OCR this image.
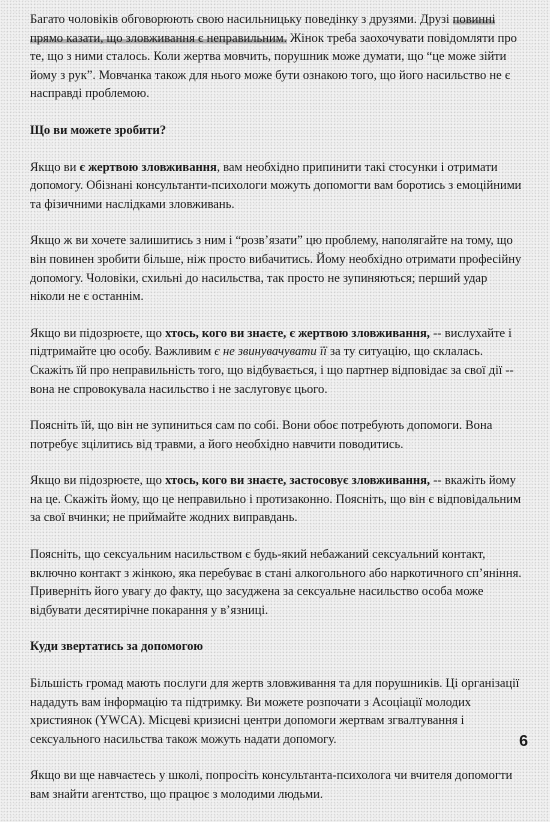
Багато чоловіків обговорюють свою насильницьку поведінку з друзями. Друзі повинні прямо казати, що зловживання є неправильним. Жінок треба заохочувати повідомляти про те, що з ними сталось. Коли жертва мовчить, порушник може думати, що “це може зійти йому з рук”. Мовчанка також для нього може бути ознакою того, що його насильство не є насправді проблемою.

Що ви можете зробити?

Якщо ви є жертвою зловживання, вам необхідно припинити такі стосунки і отримати допомогу. Обізнані консультанти-психологи можуть допомогти вам боротись з емоційними та фізичними наслідками зловживань.

Якщо ж ви хочете залишитись з ним і “розв’язати” цю проблему, наполягайте на тому, що він повинен зробити більше, ніж просто вибачитись. Йому необхідно отримати професійну допомогу. Чоловіки, схильні до насильства, так просто не зупиняються; перший удар ніколи не є останнім.

Якщо ви підозрюєте, що хтось, кого ви знаєте, є жертвою зловживання, -- вислухайте і підтримайте цю особу. Важливим є не звинувачувати її за ту ситуацію, що склалась. Скажіть їй про неправильність того, що відбувається, і що партнер відповідає за свої дії -- вона не спровокувала насильство і не заслуговує цього.

Поясніть їй, що він не зупиниться сам по собі. Вони обоє потребують допомоги. Вона потребує зцілитись від травми, а його необхідно навчити поводитись.

Якщо ви підозрюєте, що хтось, кого ви знаєте, застосовує зловживання, -- вкажіть йому на це. Скажіть йому, що це неправильно і протизаконно. Поясніть, що він є відповідальним за свої вчинки; не приймайте жодних виправдань.

Поясніть, що сексуальним насильством є будь-який небажаний сексуальний контакт, включно контакт з жінкою, яка перебуває в стані алкогольного або наркотичного сп’яніння. Приверніть його увагу до факту, що засуджена за сексуальне насильство особа може відбувати десятирічне покарання у в’язниці.

Куди звертатись за допомогою

Більшість громад мають послуги для жертв зловживання та для порушників. Ці організації нададуть вам інформацію та підтримку. Ви можете розпочати з Асоціації молодих християнок (YWCA). Місцеві кризисні центри допомоги жертвам згвалтування і сексуального насильства також можуть надати допомогу.

Якщо ви ще навчаєтесь у школі, попросіть консультанта-психолога чи вчителя допомогти вам знайти агентство, що працює з молодими людьми.

6
